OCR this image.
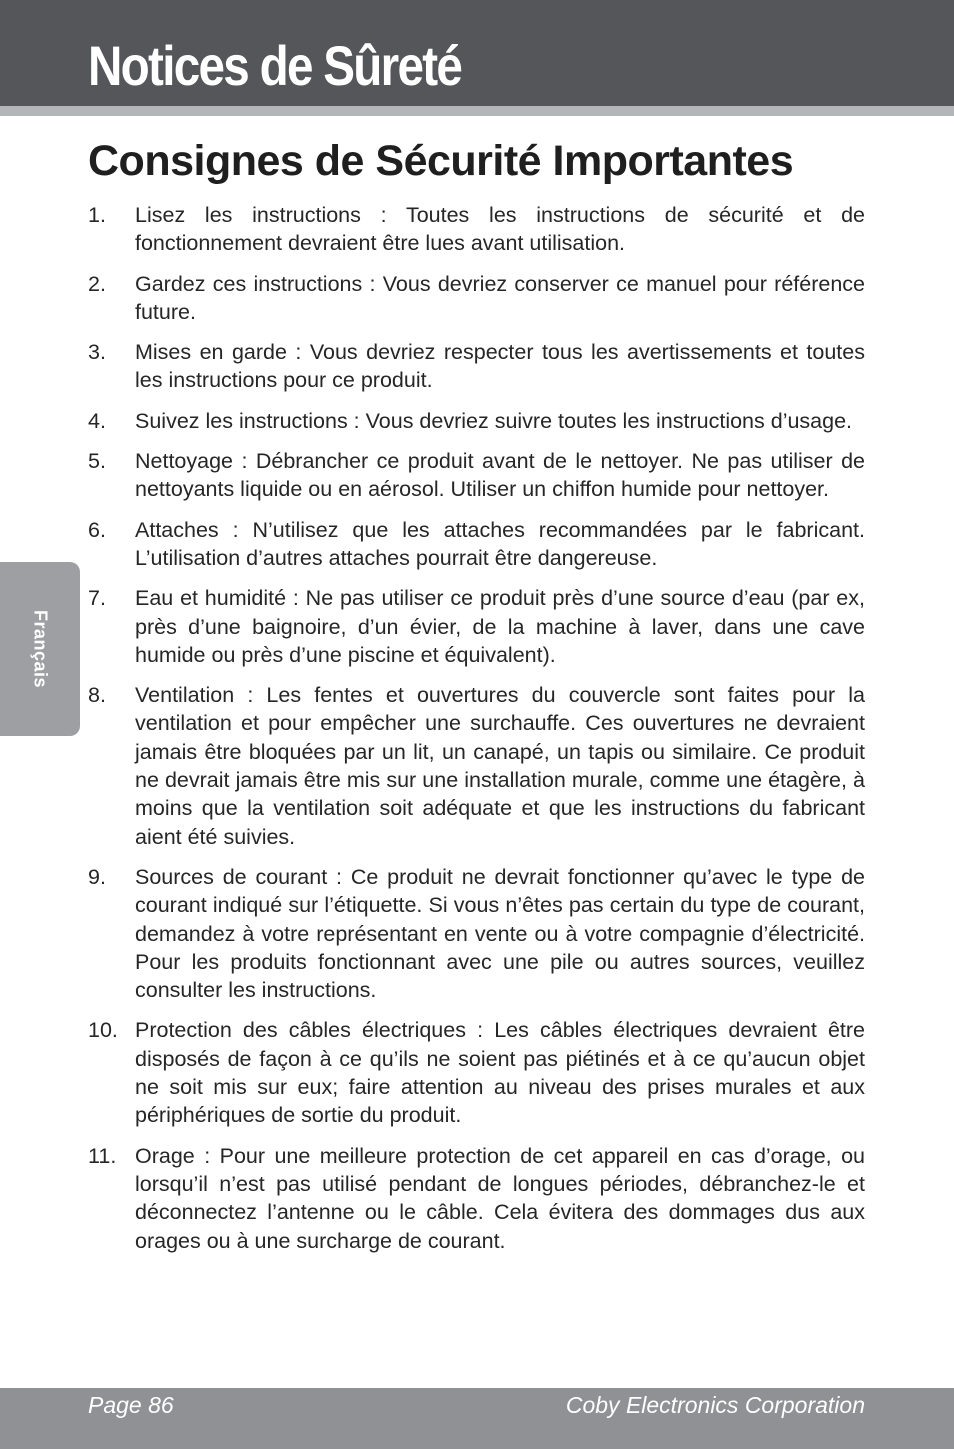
Notices de Sûreté
Consignes de Sécurité Importantes
Français
1. Lisez les instructions : Toutes les instructions de sécurité et de fonctionnement devraient être lues avant utilisation.
2. Gardez ces instructions : Vous devriez conserver ce manuel pour référence future.
3. Mises en garde : Vous devriez respecter tous les avertissements et toutes les instructions pour ce produit.
4. Suivez les instructions : Vous devriez suivre toutes les instructions d’usage.
5. Nettoyage : Débrancher ce produit avant de le nettoyer. Ne pas utiliser de nettoyants liquide ou en aérosol. Utiliser un chiffon humide pour nettoyer.
6. Attaches : N’utilisez que les attaches recommandées par le fabricant. L’utilisation d’autres attaches pourrait être dangereuse.
7. Eau et humidité : Ne pas utiliser ce produit près d’une source d’eau (par ex, près d’une baignoire, d’un évier, de la machine à laver, dans une cave humide ou près d’une piscine et équivalent).
8. Ventilation : Les fentes et ouvertures du couvercle sont faites pour la ventilation et pour empêcher une surchauffe. Ces ouvertures ne devraient jamais être bloquées par un lit, un canapé, un tapis ou similaire. Ce produit ne devrait jamais être mis sur une installation murale, comme une étagère, à moins que la ventilation soit adéquate et que les instructions du fabricant aient été suivies.
9. Sources de courant : Ce produit ne devrait fonctionner qu’avec le type de courant indiqué sur l’étiquette. Si vous n’êtes pas certain du type de courant, demandez à votre représentant en vente ou à votre compagnie d’électricité. Pour les produits fonctionnant avec une pile ou autres sources, veuillez consulter les instructions.
10. Protection des câbles électriques : Les câbles électriques devraient être disposés de façon à ce qu’ils ne soient pas piétinés et à ce qu’aucun objet ne soit mis sur eux; faire attention au niveau des prises murales et aux périphériques de sortie du produit.
11. Orage : Pour une meilleure protection de cet appareil en cas d’orage, ou lorsqu’il n’est pas utilisé pendant de longues périodes, débranchez-le et déconnectez l’antenne ou le câble. Cela évitera des dommages dus aux orages ou à une surcharge de courant.
Page 86	Coby Electronics Corporation
